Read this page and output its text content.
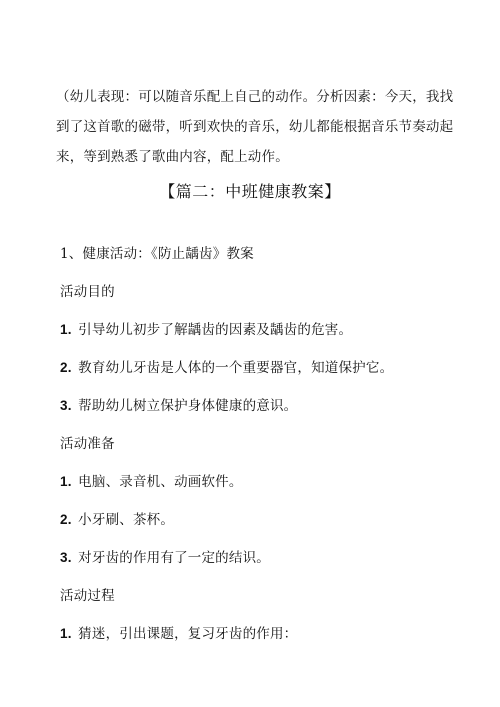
（幼儿表现：可以随音乐配上自己的动作。分析因素：今天，我找

到了这首歌的磁带，听到欢快的音乐，幼儿都能根据音乐节奏动起

来，等到熟悉了歌曲内容，配上动作。

【篇二：中班健康教案】
1、健康活动：《防止龋齿》教案
活动目的
1. 引导幼儿初步了解龋齿的因素及龋齿的危害。
2. 教育幼儿牙齿是人体的一个重要器官，知道保护它。
3. 帮助幼儿树立保护身体健康的意识。
活动准备
1. 电脑、录音机、动画软件。
2. 小牙刷、茶杯。
3. 对牙齿的作用有了一定的结识。
活动过程
1. 猜迷，引出课题，复习牙齿的作用：
